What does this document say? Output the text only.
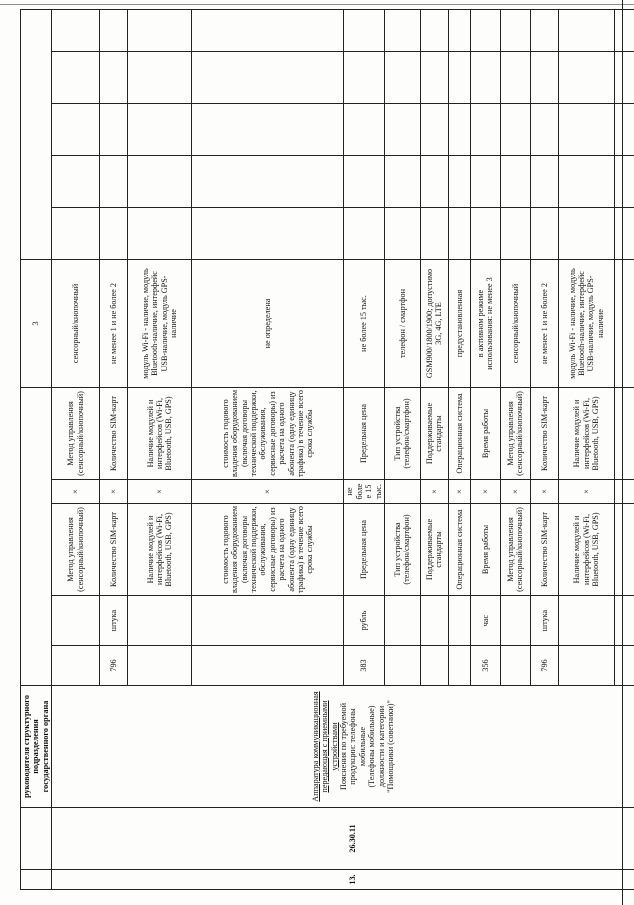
		руководителя структурного подразделения государственного органа						3					
13.	26.30.11	Аппаратура коммуникационная передающая с приемными устройствами Пояснения по требуемой продукции: телефоны мобильные (Телефоны мобильные) должности и категории "Помощники (советники)"			Метод управления (сенсорный/кнопочный)	×	Метод управления (сенсорный/кнопочный)	сенсорный/кнопочный					
			796	штука	Количество SIM-карт	×	Количество SIM-карт	не менее 1 и не более 2					
					Наличие модулей и интерфейсов (Wi-Fi, Bluetooth, USB, GPS)	×	Наличие модулей и интерфейсов (Wi-Fi, Bluetooth, USB, GPS)	модуль Wi-Fi - наличие, модуль Bluetooth-наличие, интерфейс USB-наличие, модуль GPS-наличие					
					стоимость годового владения оборудованием (включая договоры технической поддержки, обслуживания, сервисные договоры) из расчета на одного абонента (одну единицу трафика) в течение всего срока службы	×	стоимость годового владения оборудованием (включая договоры технической поддержки, обслуживания, сервисные договоры) из расчета на одного абонента (одну единицу трафика) в течение всего срока службы	не определена					
			383	рубль	Предельная цена	не более 15 тыс.	Предельная цена	не более 15 тыс.					
					Тип устройства (телефон/смартфон)		Тип устройства (телефон/смартфон)	телефон / смартфон					
					Поддерживаемые стандарты	×	Поддерживаемые стандарты	GSM900/1800/1900; допустимо 3G, 4G, LTE					
					Операционная система	×	Операционная система	предустановленная					
			356	час	Время работы	×	Время работы	в активном режиме использования: не менее 3					
					Метод управления (сенсорный/кнопочный)	×	Метод управления (сенсорный/кнопочный)	сенсорный/кнопочный					
			796	штука	Количество SIM-карт	×	Количество SIM-карт	не менее 1 и не более 2					
					Наличие модулей и интерфейсов (Wi-Fi, Bluetooth, USB, GPS)	×	Наличие модулей и интерфейсов (Wi-Fi, Bluetooth, USB, GPS)	модуль Wi-Fi - наличие, модуль Bluetooth-наличие, интерфейс USB-наличие, модуль GPS-наличие					
